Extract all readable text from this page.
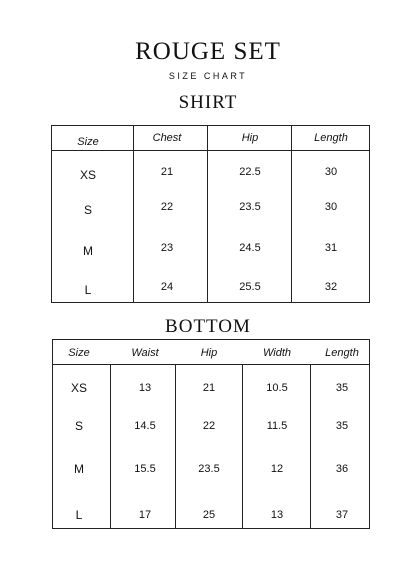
ROUGE SET
SIZE CHART
SHIRT
Size	Chest	Hip	Length
XS	21	22.5	30
S	22	23.5	30
M	23	24.5	31
L	24	25.5	32
BOTTOM
Size	Waist	Hip	Width	Length
XS	13	21	10.5	35
S	14.5	22	11.5	35
M	15.5	23.5	12	36
L	17	25	13	37
